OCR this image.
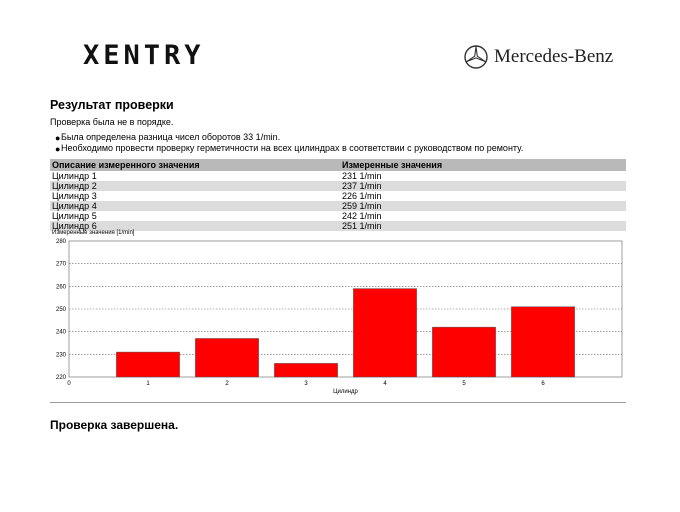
XENTRY	Mercedes-Benz
Результат проверки
Проверка была не в порядке.
● Была определена разница чисел оборотов 33 1/min.
● Необходимо провести проверку герметичности на всех цилиндрах в соответствии с руководством по ремонту.
Описание измеренного значения	Измеренные значения
Цилиндр 1	231 1/min
Цилиндр 2	237 1/min
Цилиндр 3	226 1/min
Цилиндр 4	259 1/min
Цилиндр 5	242 1/min
Цилиндр 6	251 1/min
Измеренные значения [1/min]
220
230
240
250
260
270
280
0	1	2	3	4	5	6
Цилиндр
Проверка завершена.
